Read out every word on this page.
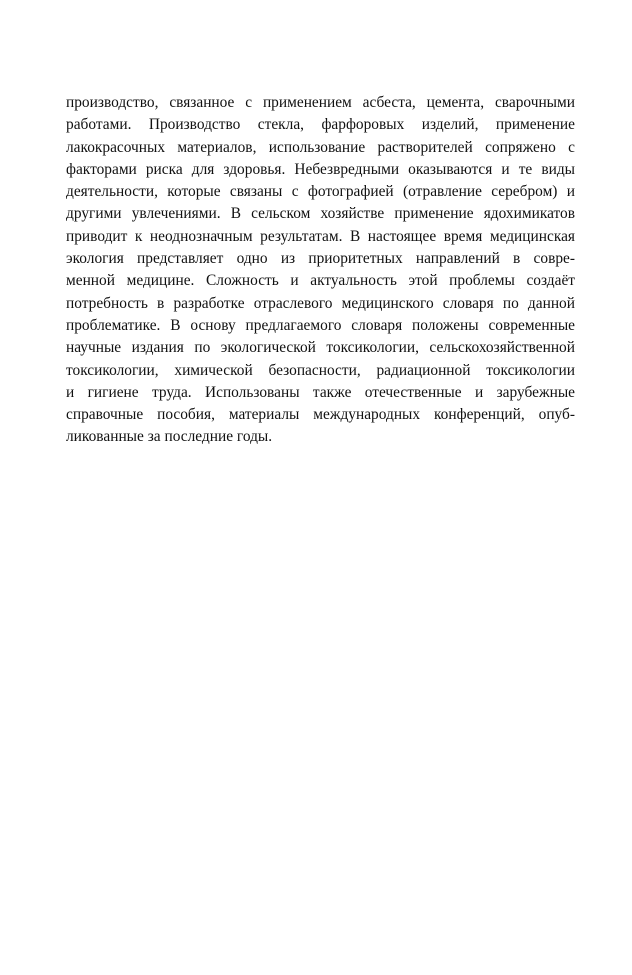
производство, связанное с применением асбеста, цемента, сварочными
работами. Производство стекла, фарфоровых изделий, применение
лакокрасочных материалов, использование растворителей сопряжено с
факторами риска для здоровья. Небезвредными оказываются и те виды
деятельности, которые связаны с фотографией (отравление серебром) и
другими увлечениями. В сельском хозяйстве применение ядохимикатов
приводит к неоднозначным результатам. В настоящее время медицинская
экология представляет одно из приоритетных направлений в совре-
менной медицине. Сложность и актуальность этой проблемы создаёт
потребность в разработке отраслевого медицинского словаря по данной
проблематике. В основу предлагаемого словаря положены современные
научные издания по экологической токсикологии, сельскохозяйственной
токсикологии, химической безопасности, радиационной токсикологии
и гигиене труда. Использованы также отечественные и зарубежные
справочные пособия, материалы международных конференций, опуб-
ликованные за последние годы.
